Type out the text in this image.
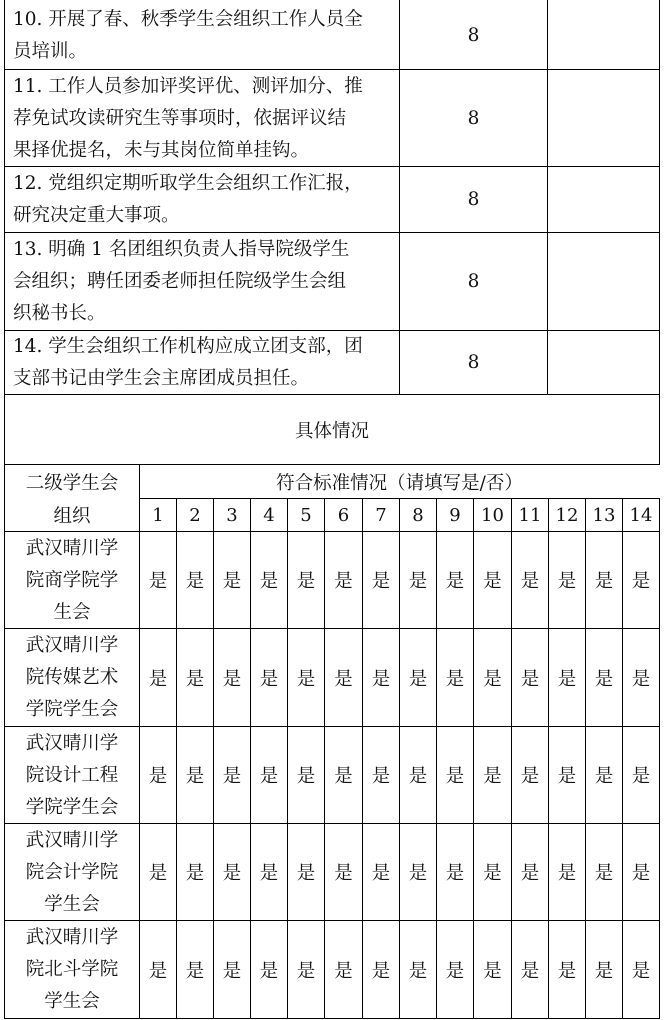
10. 开展了春、秋季学生会组织工作人员全
员培训。
8
11. 工作人员参加评奖评优、测评加分、推
荐免试攻读研究生等事项时，依据评议结
果择优提名，未与其岗位简单挂钩。
8
12. 党组织定期听取学生会组织工作汇报，
研究决定重大事项。
8
13. 明确 1 名团组织负责人指导院级学生
会组织；聘任团委老师担任院级学生会组
织秘书长。
8
14. 学生会组织工作机构应成立团支部，团
支部书记由学生会主席团成员担任。
8
具体情况
二级学生会
组织
符合标准情况（请填写是/否）
1	2	3	4	5	6	7	8	9	10 11 12 13 14
武汉晴川学
院商学院学
生会
是 是 是 是 是	是	是 是 是	是	是 是 是 是
武汉晴川学
院传媒艺术
学院学生会
是 是 是 是 是	是	是 是 是	是	是 是 是 是
武汉晴川学
院设计工程
学院学生会
是 是 是 是 是	是	是 是 是	是	是 是 是 是
武汉晴川学
院会计学院
学生会
是 是 是 是 是	是	是 是 是	是	是 是 是 是
武汉晴川学
院北斗学院
学生会
是 是 是 是 是	是	是 是 是	是	是 是 是 是
